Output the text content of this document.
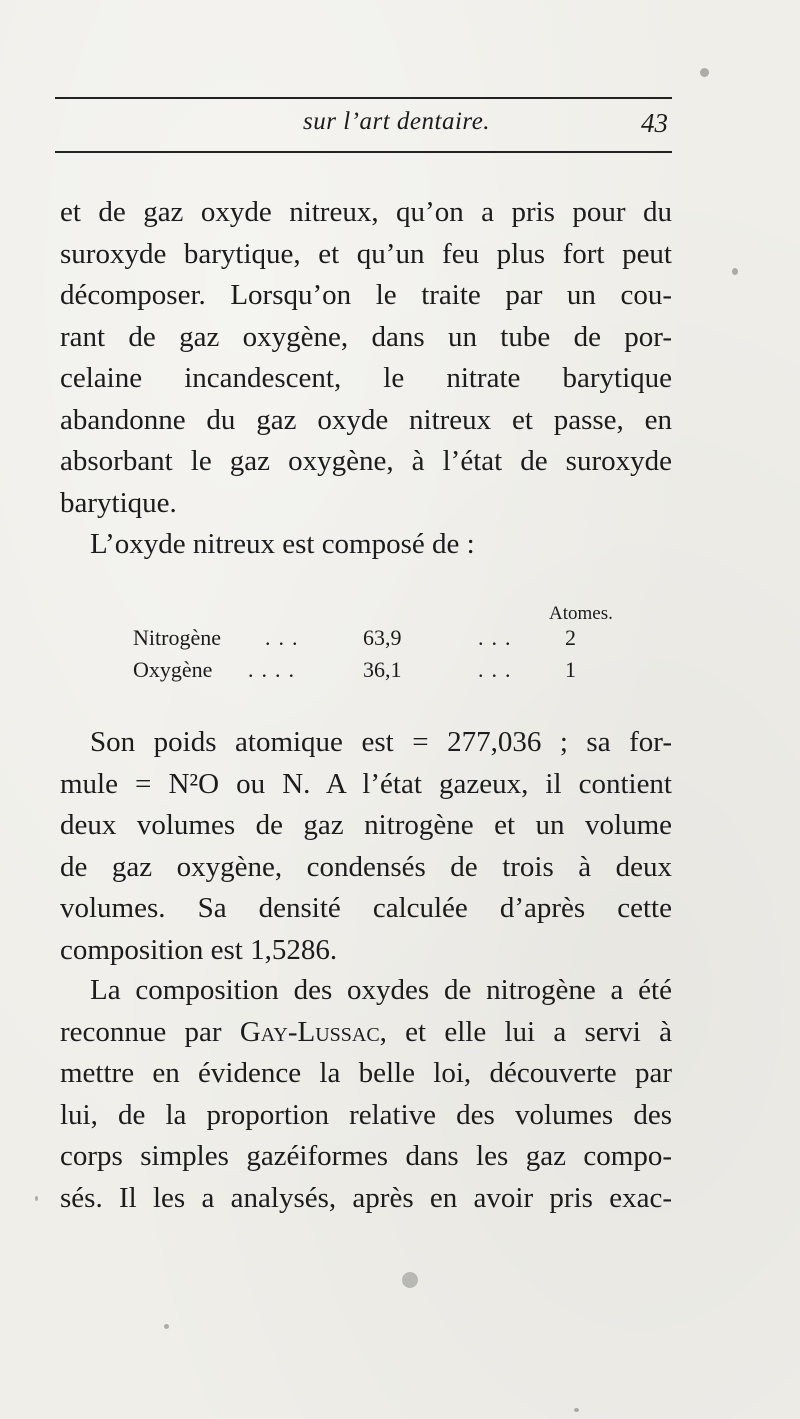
sur l’art dentaire.	43
et de gaz oxyde nitreux, qu’on a pris pour du
suroxyde barytique, et qu’un feu plus fort peut
décomposer. Lorsqu’on le traite par un cou-
rant de gaz oxygène, dans un tube de por-
celaine incandescent, le nitrate barytique
abandonne du gaz oxyde nitreux et passe, en
absorbant le gaz oxygène, à l’état de suroxyde
barytique.
L’oxyde nitreux est composé de :
Atomes.
Nitrogène ...	63,9	... 2
Oxygène ....	36,1	... 1
Son poids atomique est = 277,036 ; sa for-
mule = N²O ou N. A l’état gazeux, il contient
deux volumes de gaz nitrogène et un volume
de gaz oxygène, condensés de trois à deux
volumes. Sa densité calculée d’après cette
composition est 1,5286.
La composition des oxydes de nitrogène a été
reconnue par Gay-Lussac, et elle lui a servi à
mettre en évidence la belle loi, découverte par
lui, de la proportion relative des volumes des
corps simples gazéiformes dans les gaz compo-
sés. Il les a analysés, après en avoir pris exac-
